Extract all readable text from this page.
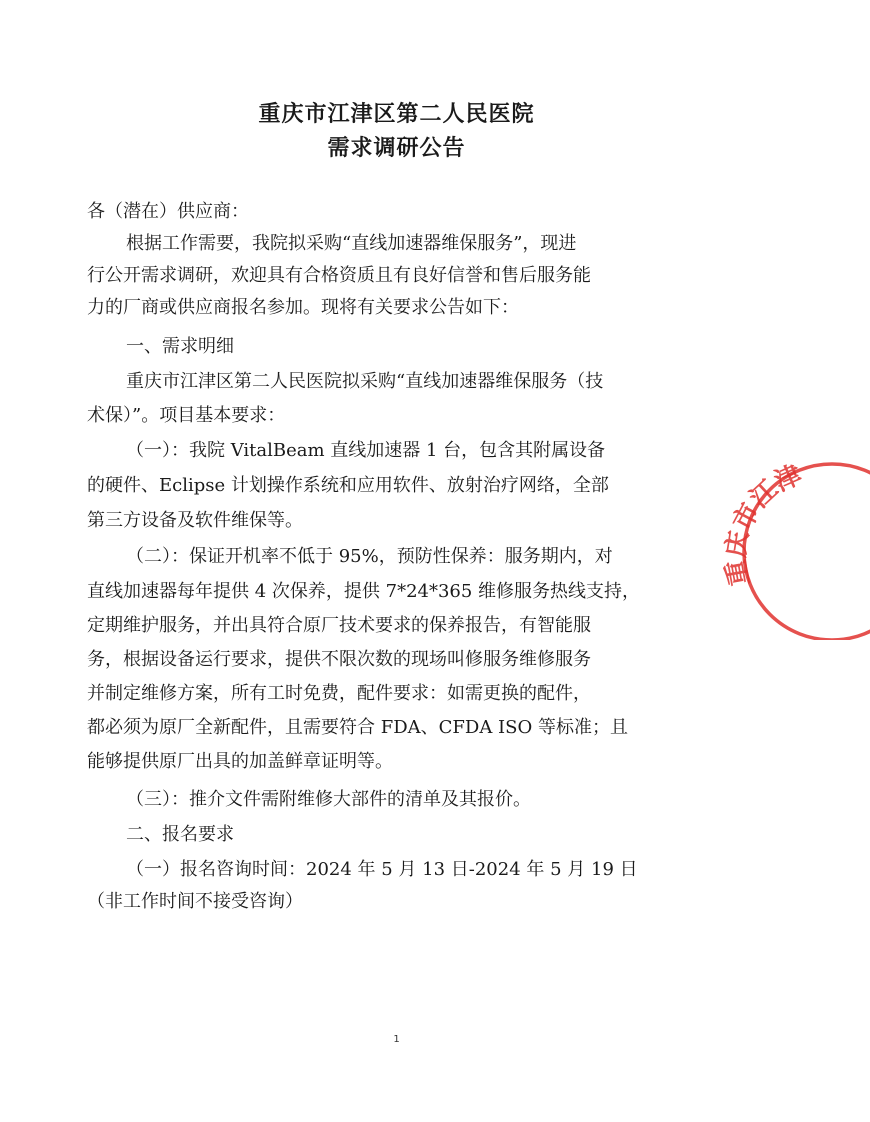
重庆市江津区第二人民医院
需求调研公告
各（潜在）供应商：
根据工作需要，我院拟采购“直线加速器维保服务”，现进
行公开需求调研，欢迎具有合格资质且有良好信誉和售后服务能
力的厂商或供应商报名参加。现将有关要求公告如下：
一、需求明细
重庆市江津区第二人民医院拟采购“直线加速器维保服务（技
术保）”。项目基本要求：
（一）：我院 VitalBeam 直线加速器 1 台，包含其附属设备
的硬件、Eclipse 计划操作系统和应用软件、放射治疗网络，全部
第三方设备及软件维保等。
（二）：保证开机率不低于 95%，预防性保养：服务期内，对
直线加速器每年提供 4 次保养，提供 7*24*365 维修服务热线支持，
定期维护服务，并出具符合原厂技术要求的保养报告，有智能服
务，根据设备运行要求，提供不限次数的现场叫修服务维修服务
并制定维修方案，所有工时免费，配件要求：如需更换的配件，
都必须为原厂全新配件，且需要符合 FDA、CFDA ISO 等标准；且
能够提供原厂出具的加盖鲜章证明等。
（三）：推介文件需附维修大部件的清单及其报价。
二、报名要求
（一）报名咨询时间：2024 年 5 月 13 日-2024 年 5 月 19 日
（非工作时间不接受咨询）
1
重庆市江津
